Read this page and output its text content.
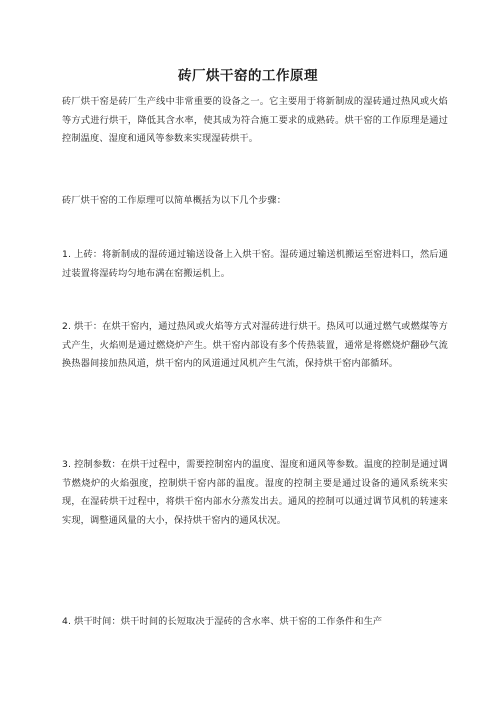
砖厂烘干窑的工作原理

砖厂烘干窑是砖厂生产线中非常重要的设备之一。它主要用于将新制成的湿砖通过热风或火焰等方式进行烘干，降低其含水率，使其成为符合施工要求的成熟砖。烘干窑的工作原理是通过控制温度、湿度和通风等参数来实现湿砖烘干。

砖厂烘干窑的工作原理可以简单概括为以下几个步骤：

1. 上砖：将新制成的湿砖通过输送设备上入烘干窑。湿砖通过输送机搬运至窑进料口，然后通过装置将湿砖均匀地布满在窑搬运机上。

2. 烘干：在烘干窑内，通过热风或火焰等方式对湿砖进行烘干。热风可以通过燃气或燃煤等方式产生，火焰则是通过燃烧炉产生。烘干窑内部设有多个传热装置，通常是将燃烧炉翻砂气流换热器间接加热风道，烘干窑内的风道通过风机产生气流，保持烘干窑内部循环。

3. 控制参数：在烘干过程中，需要控制窑内的温度、湿度和通风等参数。温度的控制是通过调节燃烧炉的火焰强度，控制烘干窑内部的温度。湿度的控制主要是通过设备的通风系统来实现，在湿砖烘干过程中，将烘干窑内部水分蒸发出去。通风的控制可以通过调节风机的转速来实现，调整通风量的大小，保持烘干窑内的通风状况。

4. 烘干时间：烘干时间的长短取决于湿砖的含水率、烘干窑的工作条件和生产
